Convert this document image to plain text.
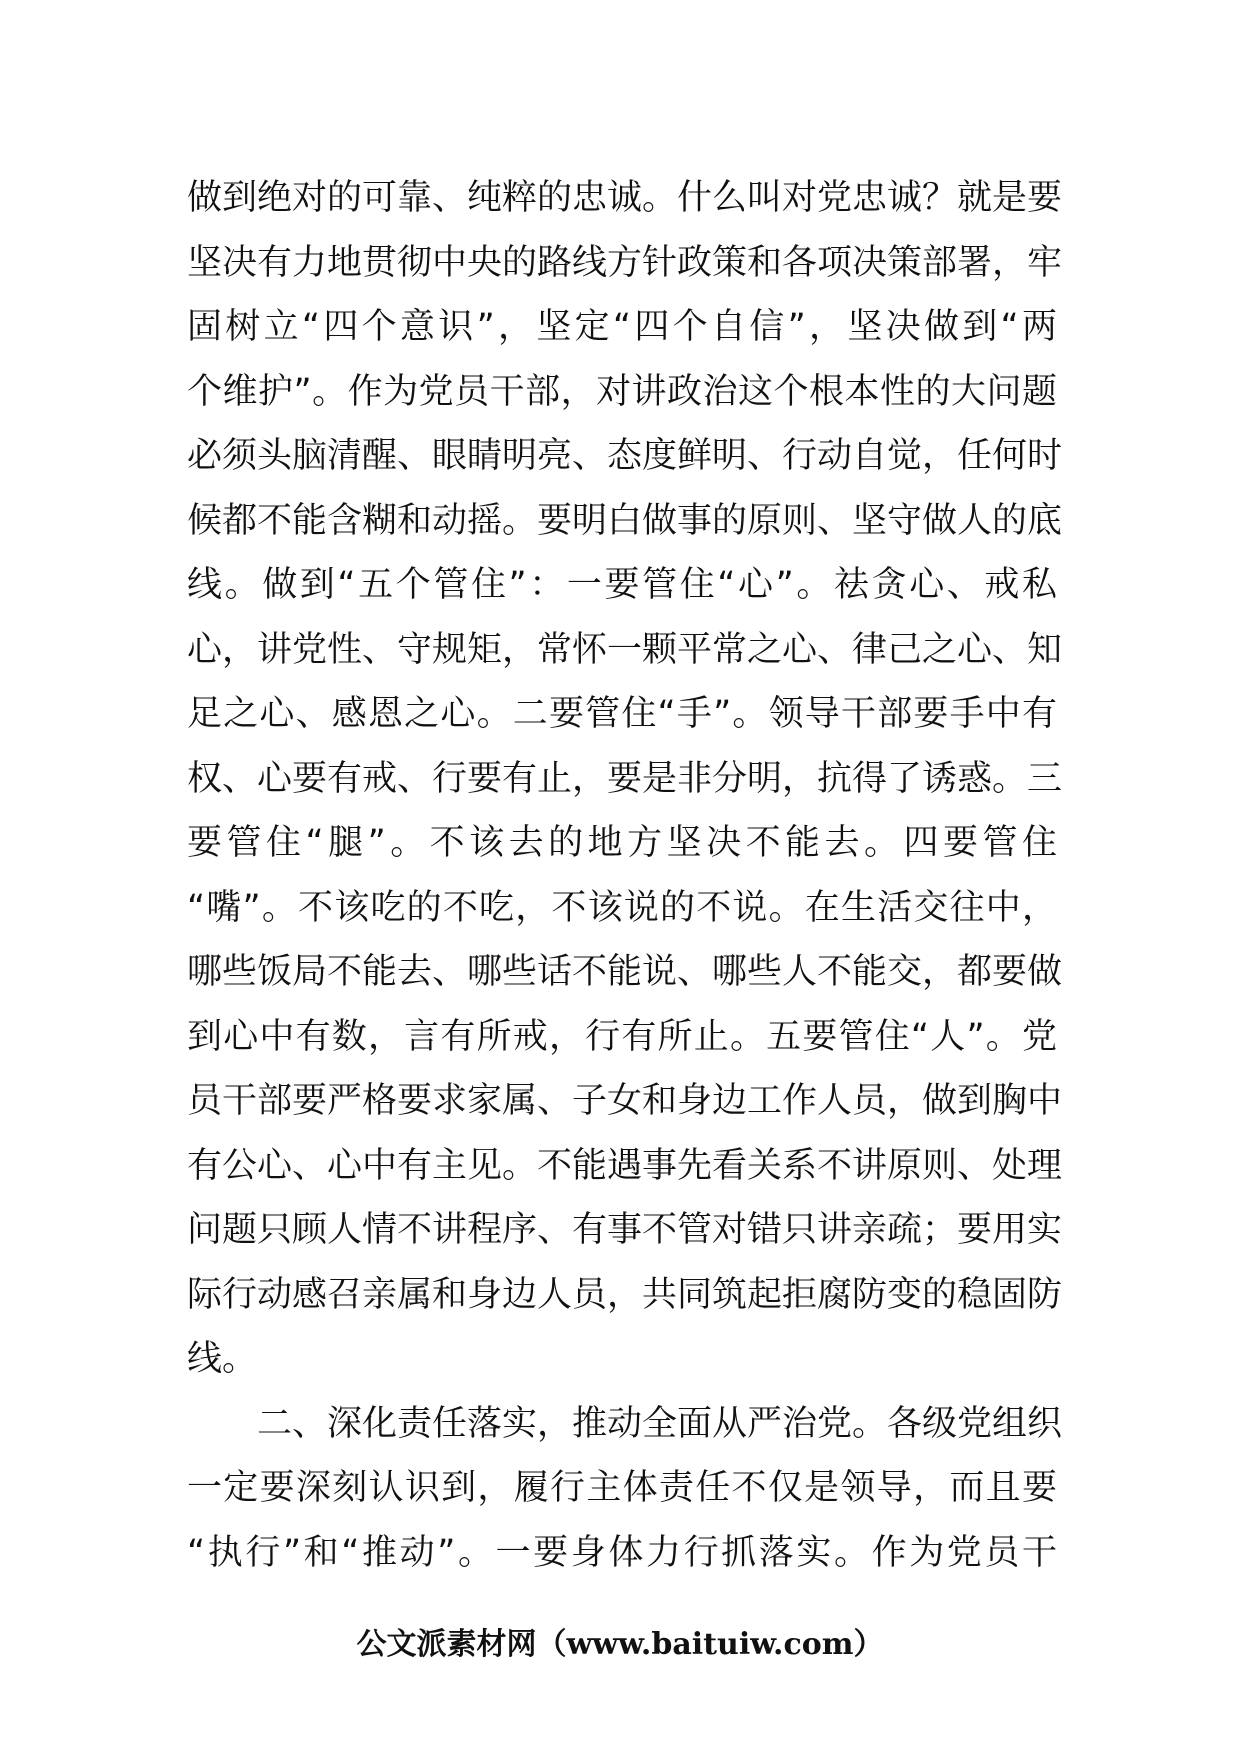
做到绝对的可靠、纯粹的忠诚。什么叫对党忠诚？就是要
坚决有力地贯彻中央的路线方针政策和各项决策部署，牢
固树立“四个意识”，坚定“四个自信”，坚决做到“两
个维护”。作为党员干部，对讲政治这个根本性的大问题
必须头脑清醒、眼睛明亮、态度鲜明、行动自觉，任何时
候都不能含糊和动摇。要明白做事的原则、坚守做人的底
线。做到“五个管住”：一要管住“心”。祛贪心、戒私
心，讲党性、守规矩，常怀一颗平常之心、律己之心、知
足之心、感恩之心。二要管住“手”。领导干部要手中有
权、心要有戒、行要有止，要是非分明，抗得了诱惑。三
要管住“腿”。不该去的地方坚决不能去。四要管住
“嘴”。不该吃的不吃，不该说的不说。在生活交往中，
哪些饭局不能去、哪些话不能说、哪些人不能交，都要做
到心中有数，言有所戒，行有所止。五要管住“人”。党
员干部要严格要求家属、子女和身边工作人员，做到胸中
有公心、心中有主见。不能遇事先看关系不讲原则、处理
问题只顾人情不讲程序、有事不管对错只讲亲疏；要用实
际行动感召亲属和身边人员，共同筑起拒腐防变的稳固防
线。
二、深化责任落实，推动全面从严治党。各级党组织
一定要深刻认识到，履行主体责任不仅是领导，而且要
“执行”和“推动”。一要身体力行抓落实。作为党员干
公文派素材网（www.baituiw.com）
